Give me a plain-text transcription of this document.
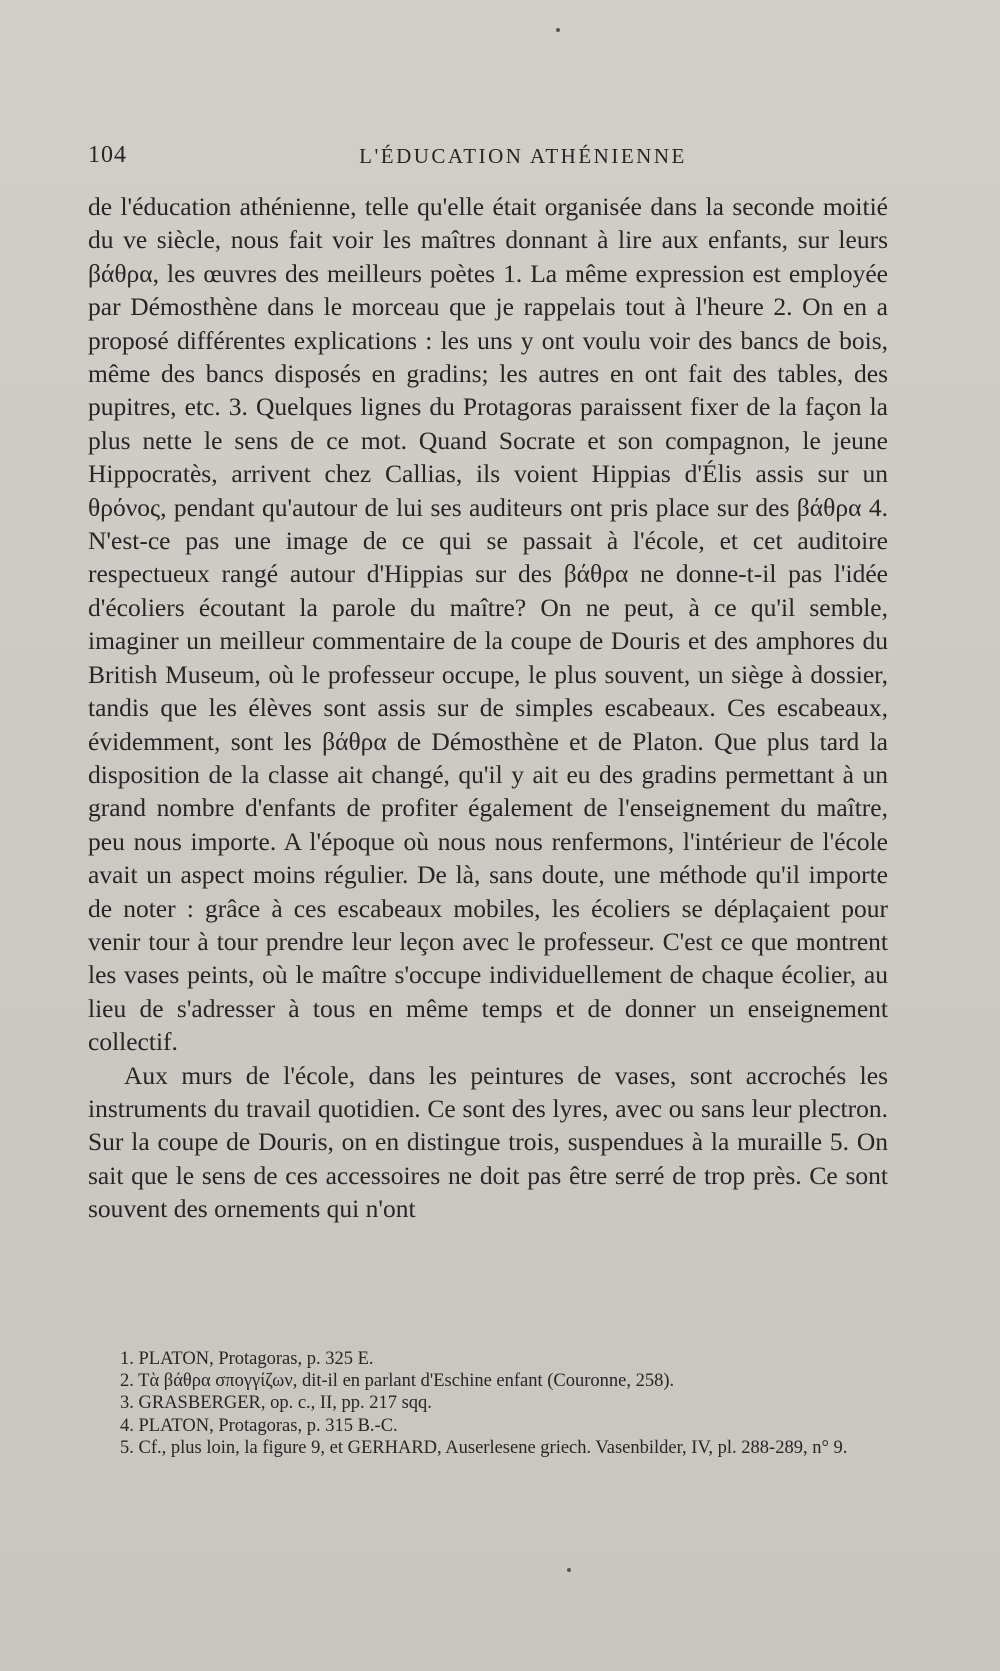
104	L'ÉDUCATION ATHÉNIENNE

de l'éducation athénienne, telle qu'elle était organisée dans la seconde moitié du ve siècle, nous fait voir les maîtres donnant à lire aux enfants, sur leurs βάθρα, les œuvres des meilleurs poètes 1. La même expression est employée par Démosthène dans le morceau que je rappelais tout à l'heure 2. On en a proposé différentes explications : les uns y ont voulu voir des bancs de bois, même des bancs disposés en gradins; les autres en ont fait des tables, des pupitres, etc. 3. Quelques lignes du Protagoras paraissent fixer de la façon la plus nette le sens de ce mot. Quand Socrate et son compagnon, le jeune Hippocratès, arrivent chez Callias, ils voient Hippias d'Élis assis sur un θρόνος, pendant qu'autour de lui ses auditeurs ont pris place sur des βάθρα 4. N'est-ce pas une image de ce qui se passait à l'école, et cet auditoire respectueux rangé autour d'Hippias sur des βάθρα ne donne-t-il pas l'idée d'écoliers écoutant la parole du maître? On ne peut, à ce qu'il semble, imaginer un meilleur commentaire de la coupe de Douris et des amphores du British Museum, où le professeur occupe, le plus souvent, un siège à dossier, tandis que les élèves sont assis sur de simples escabeaux. Ces escabeaux, évidemment, sont les βάθρα de Démosthène et de Platon. Que plus tard la disposition de la classe ait changé, qu'il y ait eu des gradins permettant à un grand nombre d'enfants de profiter également de l'enseignement du maître, peu nous importe. A l'époque où nous nous renfermons, l'intérieur de l'école avait un aspect moins régulier. De là, sans doute, une méthode qu'il importe de noter : grâce à ces escabeaux mobiles, les écoliers se déplaçaient pour venir tour à tour prendre leur leçon avec le professeur. C'est ce que montrent les vases peints, où le maître s'occupe individuellement de chaque écolier, au lieu de s'adresser à tous en même temps et de donner un enseignement collectif.

Aux murs de l'école, dans les peintures de vases, sont accrochés les instruments du travail quotidien. Ce sont des lyres, avec ou sans leur plectron. Sur la coupe de Douris, on en distingue trois, suspendues à la muraille 5. On sait que le sens de ces accessoires ne doit pas être serré de trop près. Ce sont souvent des ornements qui n'ont

1. PLATON, Protagoras, p. 325 E.
2. Τὰ βάθρα σπογγίζων, dit-il en parlant d'Eschine enfant (Couronne, 258).
3. GRASBERGER, op. c., II, pp. 217 sqq.
4. PLATON, Protagoras, p. 315 B.-C.
5. Cf., plus loin, la figure 9, et GERHARD, Auserlesene griech. Vasenbilder, IV, pl. 288-289, n° 9.
